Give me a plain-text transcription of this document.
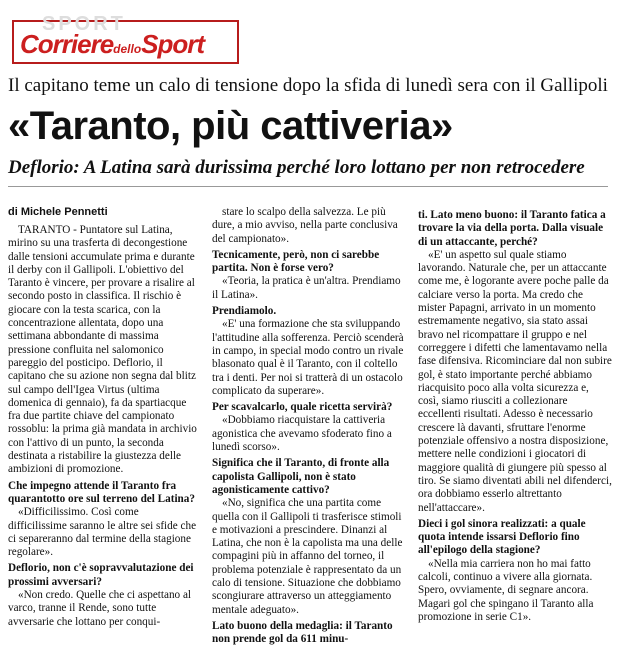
SPORT
CorrieredelloSport
Il capitano teme un calo di tensione dopo la sfida di lunedì sera con il Gallipoli
«Taranto, più cattiveria»
Deflorio: A Latina sarà durissima perché loro lottano per non retrocedere
di Michele Pennetti

TARANTO - Puntatore sul Latina, mirino su una trasferta di decongestione dalle tensioni accumulate prima e durante il derby con il Gallipoli. L'obiettivo del Taranto è vincere, per provare a risalire al secondo posto in classifica. Il rischio è giocare con la testa scarica, con la concentrazione allentata, dopo una settimana abbondante di massima pressione confluita nel salomonico pareggio del posticipo. Deflorio, il capitano che su azione non segna dal blitz sul campo dell'Igea Virtus (ultima domenica di gennaio), fa da spartiacque fra due partite chiave del campionato rossoblu: la prima già mandata in archivio con l'attivo di un punto, la seconda destinata a ristabilire la giustezza delle ambizioni di promozione.

Che impegno attende il Taranto fra quarantotto ore sul terreno del Latina?

«Difficilissimo. Così come difficilissime saranno le altre sei sfide che ci separeranno dal termine della stagione regolare».

Deflorio, non c'è sopravvalutazione dei prossimi avversari?

«Non credo. Quelle che ci aspettano al varco, tranne il Rende, sono tutte avversarie che lottano per conqui-

stare lo scalpo della salvezza. Le più dure, a mio avviso, nella parte conclusiva del campionato».

Tecnicamente, però, non ci sarebbe partita. Non è forse vero?

«Teoria, la pratica è un'altra. Prendiamo il Latina».

Prendiamolo.

«E' una formazione che sta sviluppando l'attitudine alla sofferenza. Perciò scenderà in campo, in special modo contro un rivale blasonato qual è il Taranto, con il coltello tra i denti. Per noi si tratterà di un ostacolo complicato da superare».

Per scavalcarlo, quale ricetta servirà?

«Dobbiamo riacquistare la cattiveria agonistica che avevamo sfoderato fino a lunedì scorso».

Significa che il Taranto, di fronte alla capolista Gallipoli, non è stato agonisticamente cattivo?

«No, significa che una partita come quella con il Gallipoli ti trasferisce stimoli e motivazioni a prescindere. Dinanzi al Latina, che non è la capolista ma una delle compagini più in affanno del torneo, il problema potenziale è rappresentato da un calo di tensione. Situazione che dobbiamo scongiurare attraverso un atteggiamento mentale adeguato».

Lato buono della medaglia: il Taranto non prende gol da 611 minu-

ti. Lato meno buono: il Taranto fatica a trovare la via della porta. Dalla visuale di un attaccante, perché?

«E' un aspetto sul quale stiamo lavorando. Naturale che, per un attaccante come me, è logorante avere poche palle da calciare verso la porta. Ma credo che mister Papagni, arrivato in un momento estremamente negativo, sia stato assai bravo nel ricompattare il gruppo e nel correggere i difetti che lamentavamo nella fase difensiva. Ricominciare dal non subire gol, è stato importante perché abbiamo riacquisito poco alla volta sicurezza e, così, siamo riusciti a collezionare eccellenti risultati. Adesso è necessario crescere là davanti, sfruttare l'enorme potenziale offensivo a nostra disposizione, mettere nelle condizioni i giocatori di maggiore qualità di giungere più spesso al tiro. Se siamo diventati abili nel difenderci, ora dobbiamo esserlo altrettanto nell'attaccare».

Dieci i gol sinora realizzati: a quale quota intende issarsi Deflorio fino all'epilogo della stagione?

«Nella mia carriera non ho mai fatto calcoli, continuo a vivere alla giornata. Spero, ovviamente, di segnare ancora. Magari gol che spingano il Taranto alla promozione in serie C1».
